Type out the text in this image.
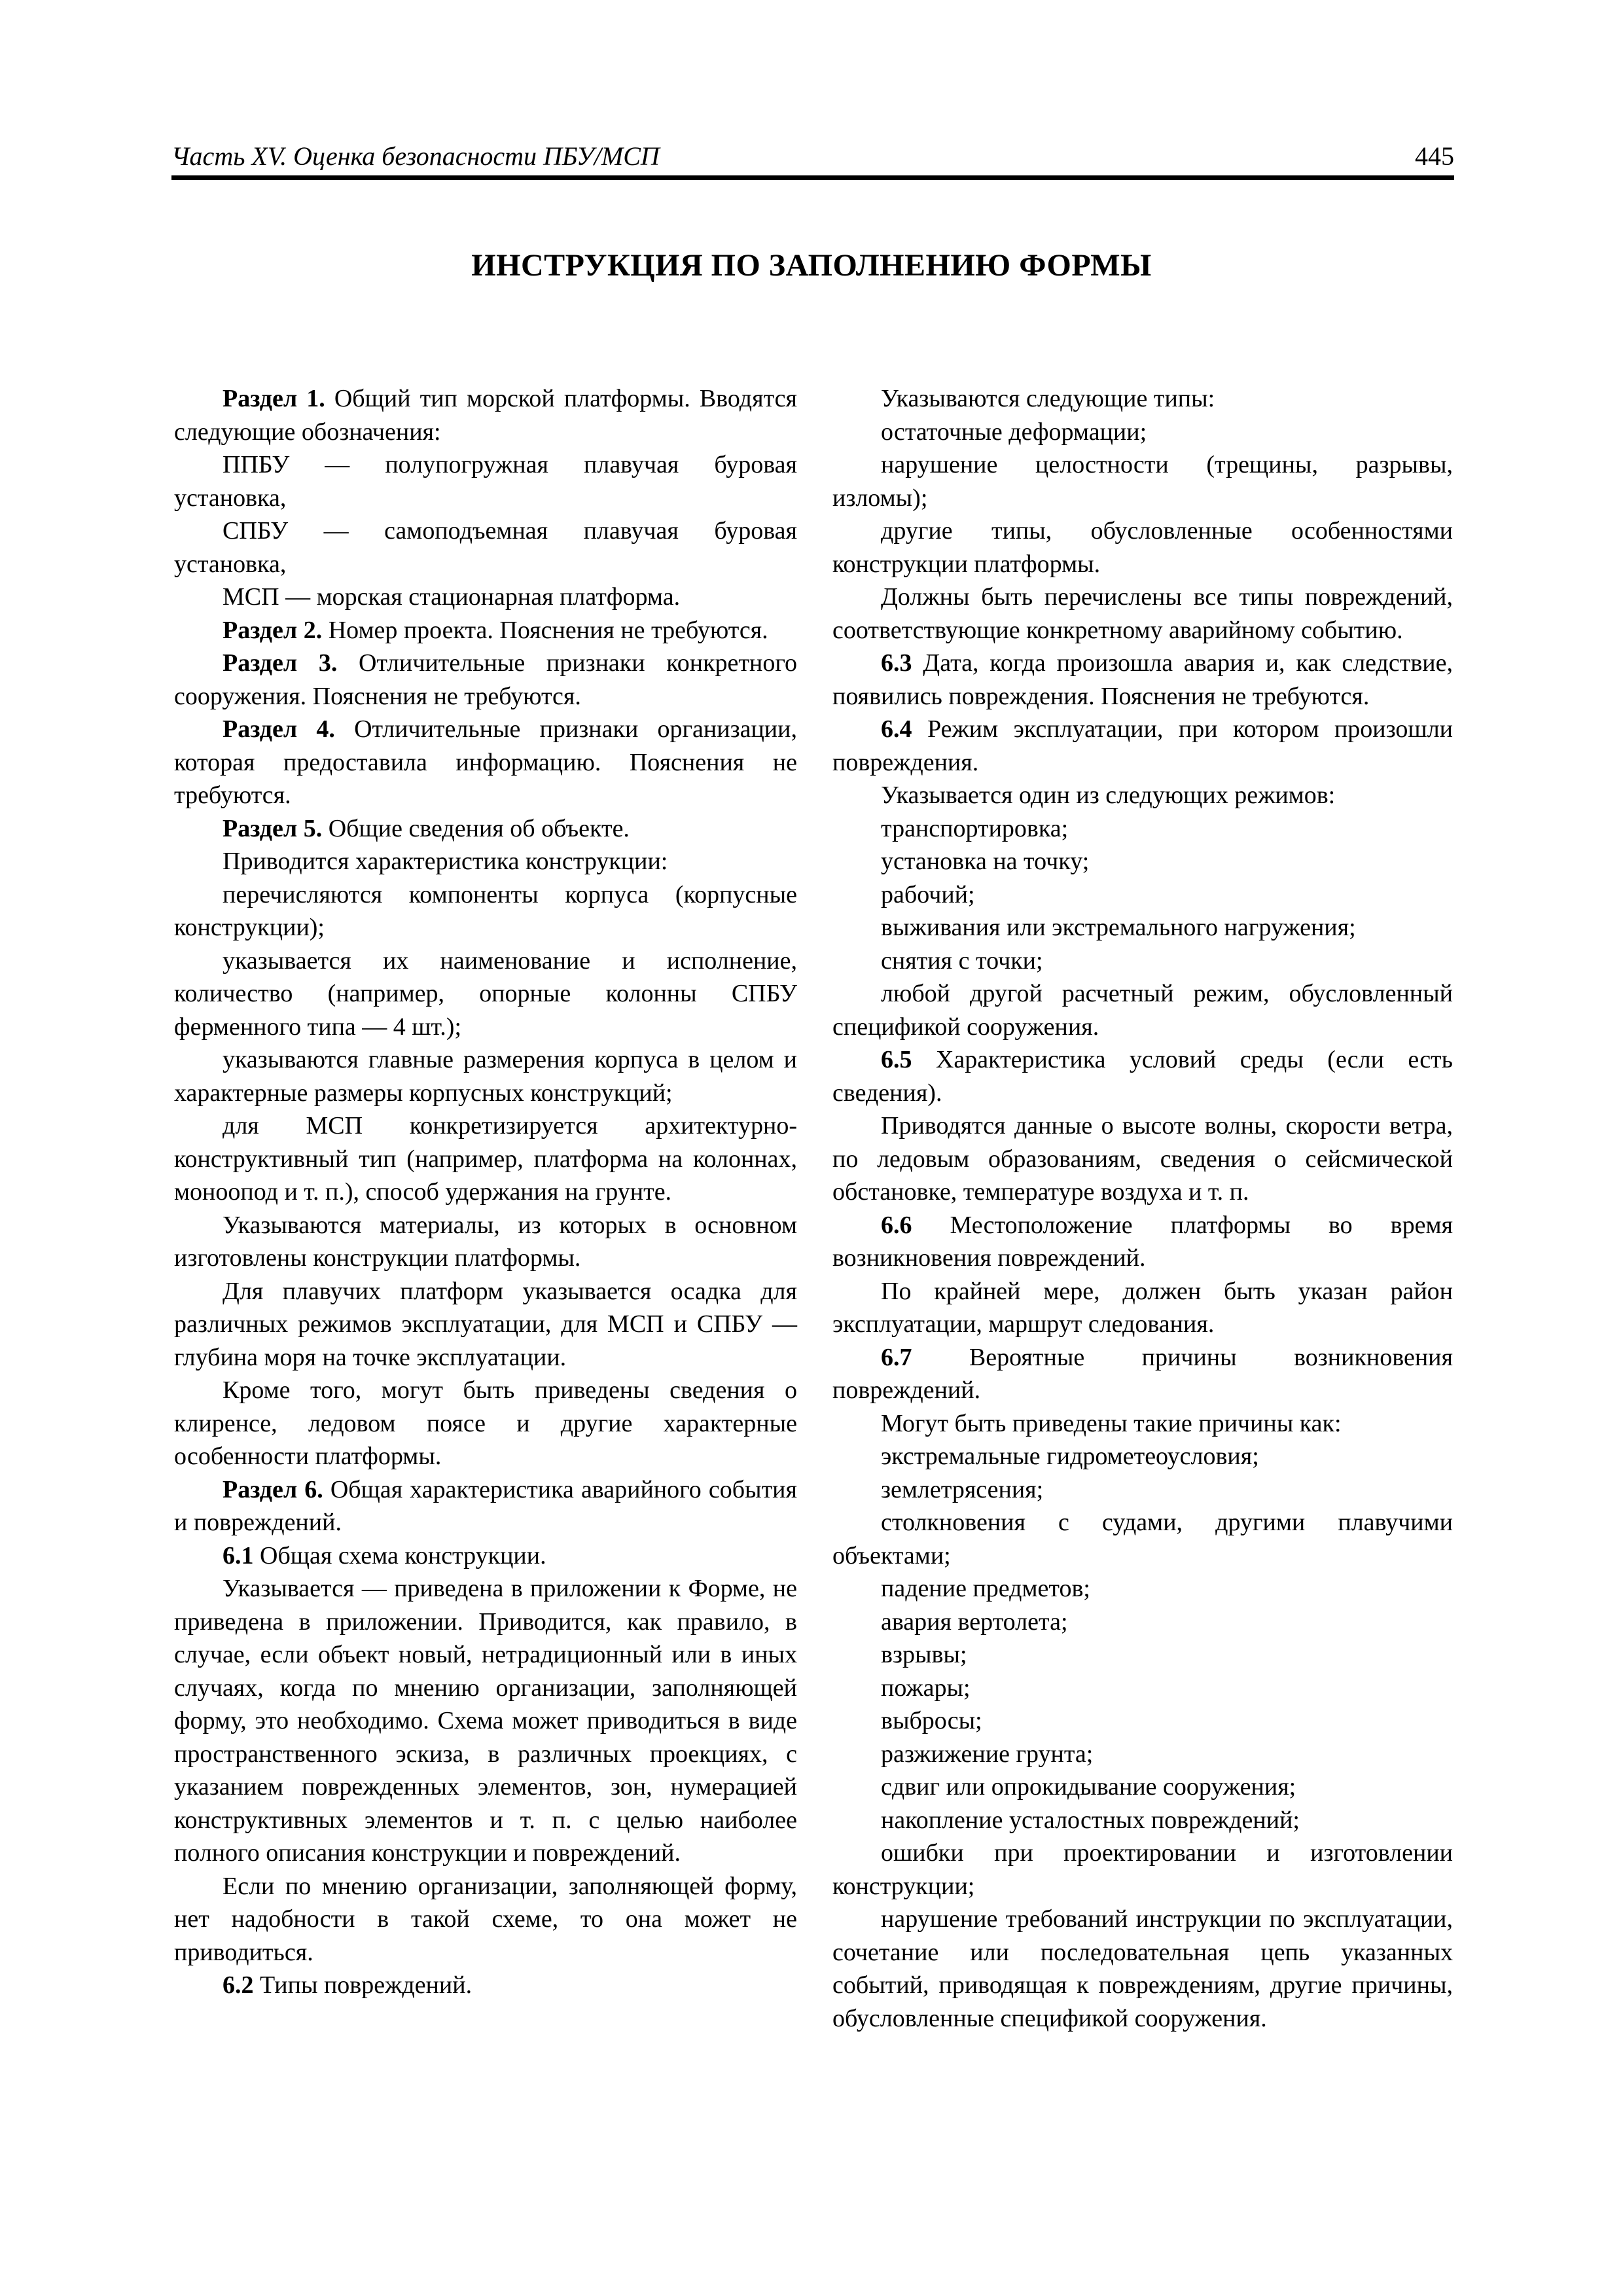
Часть XV. Оценка безопасности ПБУ/МСП	445
ИНСТРУКЦИЯ ПО ЗАПОЛНЕНИЮ ФОРМЫ

Раздел 1. Общий тип морской платформы. Вводятся следующие обозначения:

ППБУ — полупогружная плавучая буровая установка,

СПБУ — самоподъемная плавучая буровая установка,

МСП — морская стационарная платформа.

Раздел 2. Номер проекта. Пояснения не требуются.

Раздел 3. Отличительные признаки конкретного сооружения. Пояснения не требуются.

Раздел 4. Отличительные признаки организации, которая предоставила информацию. Пояснения не требуются.

Раздел 5. Общие сведения об объекте.

Приводится характеристика конструкции:

перечисляются компоненты корпуса (корпусные конструкции);

указывается их наименование и исполнение, количество (например, опорные колонны СПБУ ферменного типа — 4 шт.);

указываются главные размерения корпуса в целом и характерные размеры корпусных конструкций;

для МСП конкретизируется архитектурно-конструктивный тип (например, платформа на колоннах, моноопод и т. п.), способ удержания на грунте.

Указываются материалы, из которых в основном изготовлены конструкции платформы.

Для плавучих платформ указывается осадка для различных режимов эксплуатации, для МСП и СПБУ — глубина моря на точке эксплуатации.

Кроме того, могут быть приведены сведения о клиренсе, ледовом поясе и другие характерные особенности платформы.

Раздел 6. Общая характеристика аварийного события и повреждений.

6.1 Общая схема конструкции.

Указывается — приведена в приложении к Форме, не приведена в приложении. Приводится, как правило, в случае, если объект новый, нетрадиционный или в иных случаях, когда по мнению организации, заполняющей форму, это необходимо. Схема может приводиться в виде пространственного эскиза, в различных проекциях, с указанием поврежденных элементов, зон, нумерацией конструктивных элементов и т. п. с целью наиболее полного описания конструкции и повреждений.

Если по мнению организации, заполняющей форму, нет надобности в такой схеме, то она может не приводиться.

6.2 Типы повреждений.

Указываются следующие типы:

остаточные деформации;

нарушение целостности (трещины, разрывы, изломы);

другие типы, обусловленные особенностями конструкции платформы.

Должны быть перечислены все типы повреждений, соответствующие конкретному аварийному событию.

6.3 Дата, когда произошла авария и, как следствие, появились повреждения. Пояснения не требуются.

6.4 Режим эксплуатации, при котором произошли повреждения.

Указывается один из следующих режимов:

транспортировка;

установка на точку;

рабочий;

выживания или экстремального нагружения;

снятия с точки;

любой другой расчетный режим, обусловленный спецификой сооружения.

6.5 Характеристика условий среды (если есть сведения).

Приводятся данные о высоте волны, скорости ветра, по ледовым образованиям, сведения о сейсмической обстановке, температуре воздуха и т. п.

6.6 Местоположение платформы во время возникновения повреждений.

По крайней мере, должен быть указан район эксплуатации, маршрут следования.

6.7 Вероятные причины возникновения повреждений.

Могут быть приведены такие причины как:

экстремальные гидрометеоусловия;

землетрясения;

столкновения с судами, другими плавучими объектами;

падение предметов;

авария вертолета;

взрывы;

пожары;

выбросы;

разжижение грунта;

сдвиг или опрокидывание сооружения;

накопление усталостных повреждений;

ошибки при проектировании и изготовлении конструкции;

нарушение требований инструкции по эксплуатации, сочетание или последовательная цепь указанных событий, приводящая к повреждениям, другие причины, обусловленные спецификой сооружения.
